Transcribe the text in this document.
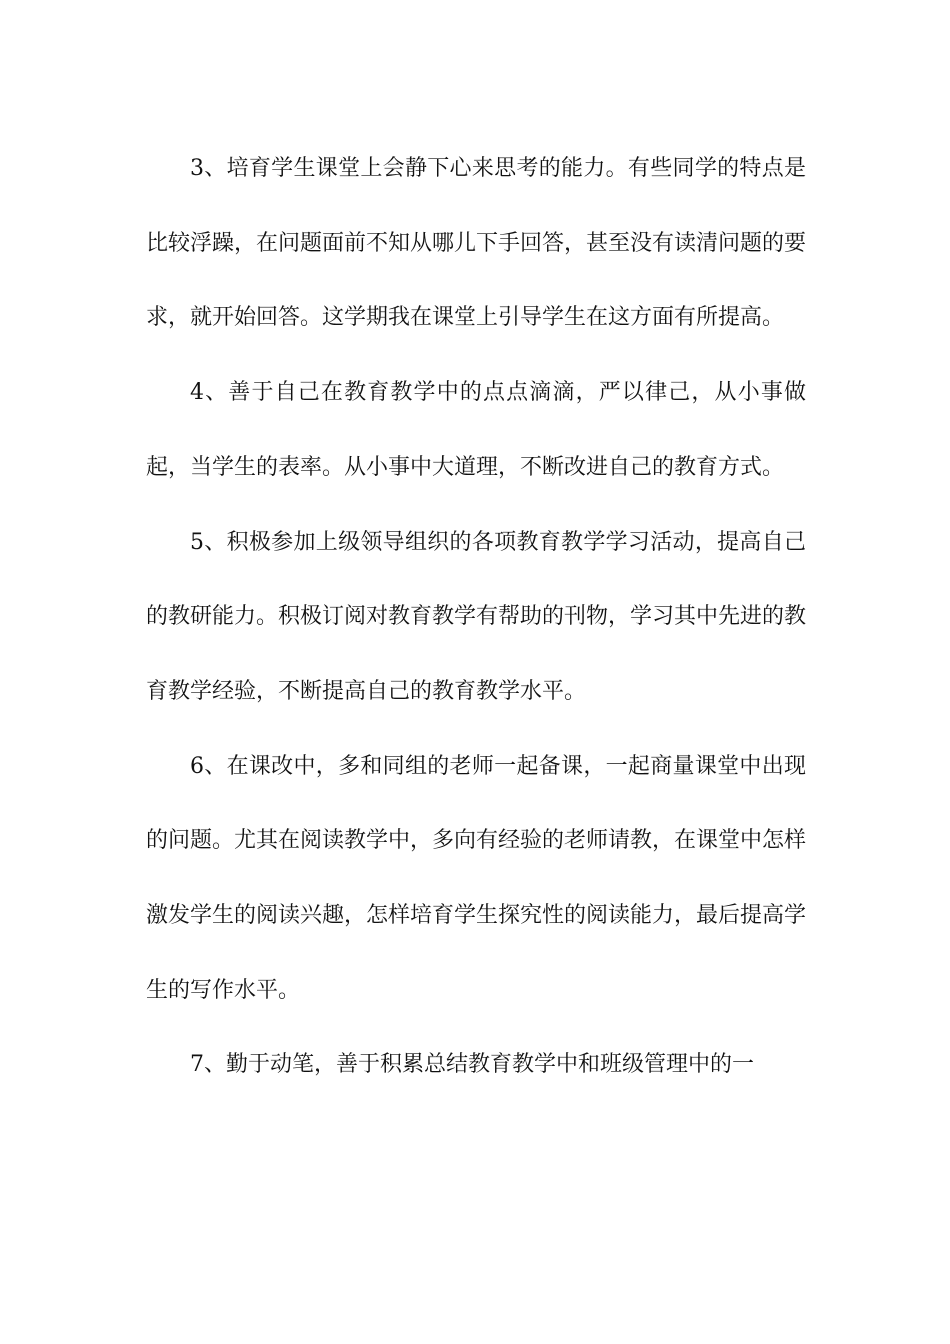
3、培育学生课堂上会静下心来思考的能力。有些同学的特点是比较浮躁，在问题面前不知从哪儿下手回答，甚至没有读清问题的要求，就开始回答。这学期我在课堂上引导学生在这方面有所提高。

4、善于自己在教育教学中的点点滴滴，严以律己，从小事做起，当学生的表率。从小事中大道理，不断改进自己的教育方式。

5、积极参加上级领导组织的各项教育教学学习活动，提高自己的教研能力。积极订阅对教育教学有帮助的刊物，学习其中先进的教育教学经验，不断提高自己的教育教学水平。

6、在课改中，多和同组的老师一起备课，一起商量课堂中出现的问题。尤其在阅读教学中，多向有经验的老师请教，在课堂中怎样激发学生的阅读兴趣，怎样培育学生探究性的阅读能力，最后提高学生的写作水平。

7、勤于动笔，善于积累总结教育教学中和班级管理中的一
